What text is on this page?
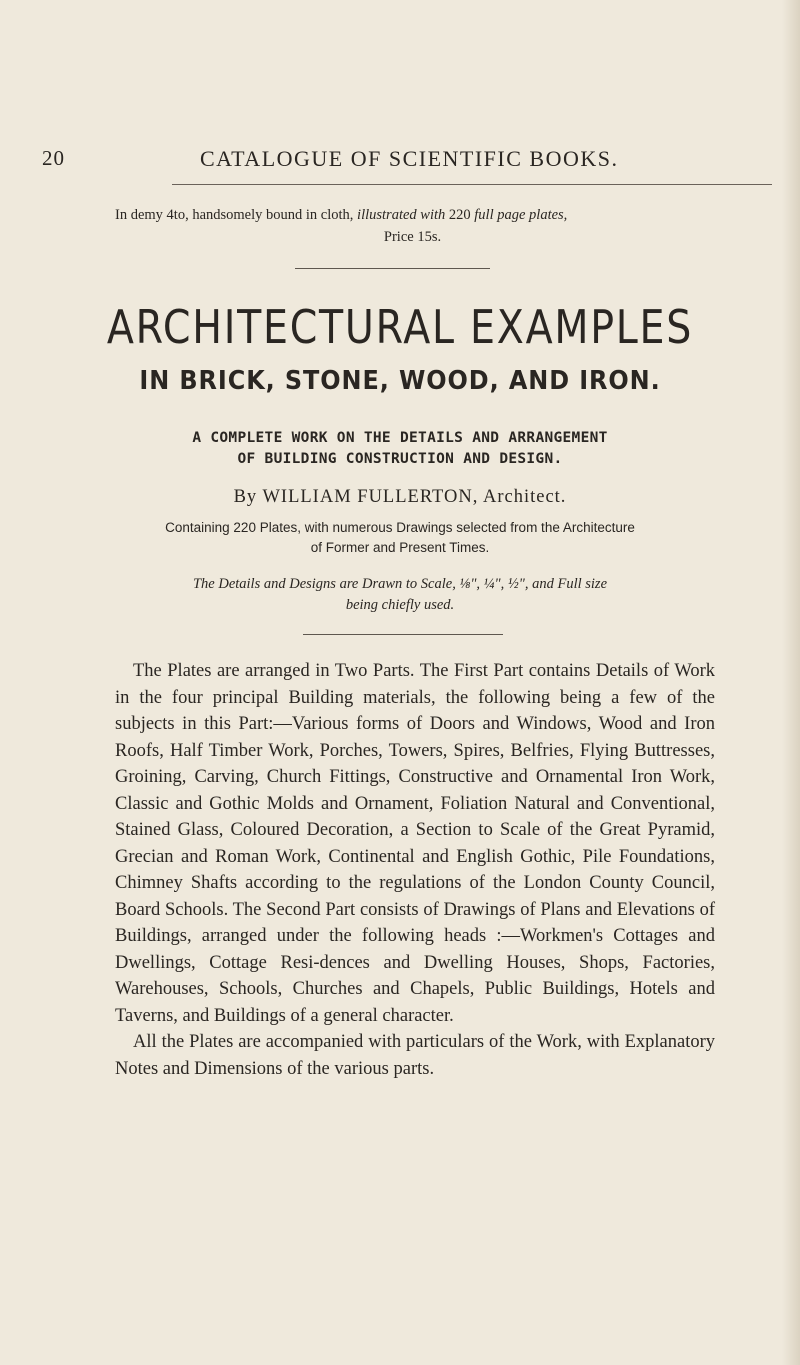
20	CATALOGUE OF SCIENTIFIC BOOKS.
In demy 4to, handsomely bound in cloth, illustrated with 220 full page plates,
Price 15s.
ARCHITECTURAL EXAMPLES
IN BRICK, STONE, WOOD, AND IRON.
A COMPLETE WORK ON THE DETAILS AND ARRANGEMENT
OF BUILDING CONSTRUCTION AND DESIGN.
By WILLIAM FULLERTON, Architect.
Containing 220 Plates, with numerous Drawings selected from the Architecture
of Former and Present Times.
The Details and Designs are Drawn to Scale, ⅛", ¼", ½", and Full size
being chiefly used.

The Plates are arranged in Two Parts. The First Part contains Details of Work in the four principal Building materials, the following being a few of the subjects in this Part:—Various forms of Doors and Windows, Wood and Iron Roofs, Half Timber Work, Porches, Towers, Spires, Belfries, Flying Buttresses, Groining, Carving, Church Fittings, Constructive and Ornamental Iron Work, Classic and Gothic Molds and Ornament, Foliation Natural and Conventional, Stained Glass, Coloured Decoration, a Section to Scale of the Great Pyramid, Grecian and Roman Work, Continental and English Gothic, Pile Foundations, Chimney Shafts according to the regulations of the London County Council, Board Schools. The Second Part consists of Drawings of Plans and Elevations of Buildings, arranged under the following heads :—Workmen's Cottages and Dwellings, Cottage Resi-dences and Dwelling Houses, Shops, Factories, Warehouses, Schools, Churches and Chapels, Public Buildings, Hotels and Taverns, and Buildings of a general character.

All the Plates are accompanied with particulars of the Work, with Explanatory Notes and Dimensions of the various parts.
